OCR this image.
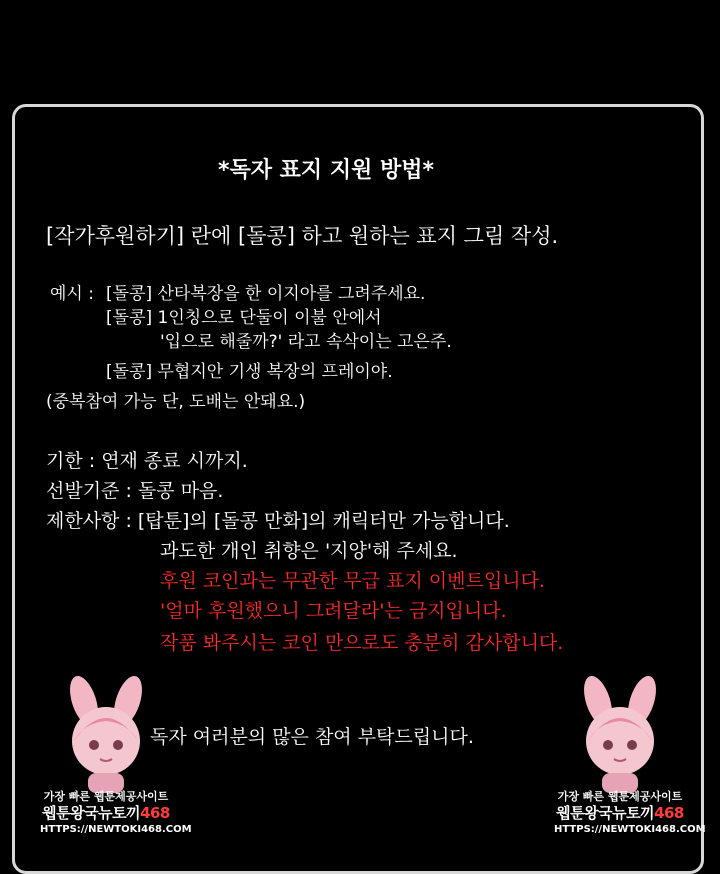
*독자 표지 지원 방법*
[작가후원하기] 란에 [돌콩] 하고 원하는 표지 그림 작성.
예시 : [돌콩] 산타복장을 한 이지아를 그려주세요.
[돌콩] 1인칭으로 단둘이 이불 안에서
'입으로 해줄까?' 라고 속삭이는 고은주.
[돌콩] 무협지안 기생 복장의 프레이야.
(중복참여 가능 단, 도배는 안돼요.)
기한 : 연재 종료 시까지.
선발기준 : 돌콩 마음.
제한사항 : [탑툰]의 [돌콩 만화]의 캐릭터만 가능합니다.
과도한 개인 취향은 '지양'해 주세요.
후원 코인과는 무관한 무급 표지 이벤트입니다.
'얼마 후원했으니 그려달라'는 금지입니다.
작품 봐주시는 코인 만으로도 충분히 감사합니다.
독자 여러분의 많은 참여 부탁드립니다.
가장 빠른 웹툰제공사이트
웹툰왕국뉴토끼468
HTTPS://NEWTOKI468.COM
가장 빠른 웹툰제공사이트
웹툰왕국뉴토끼468
HTTPS://NEWTOKI468.COM
